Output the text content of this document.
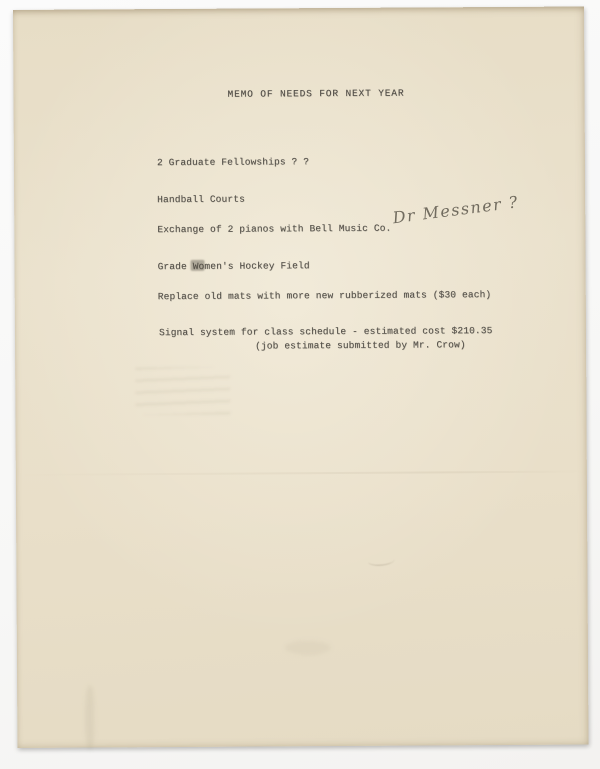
MEMO OF NEEDS FOR NEXT YEAR
2 Graduate Fellowships ? ?
Handball Courts
Exchange of 2 pianos with Bell Music Co.
Grade Women's Hockey Field
Replace old mats with more new rubberized mats ($30 each)
Signal system for class schedule - estimated cost $210.35
(job estimate submitted by Mr. Crow)
Dr Messner ?
